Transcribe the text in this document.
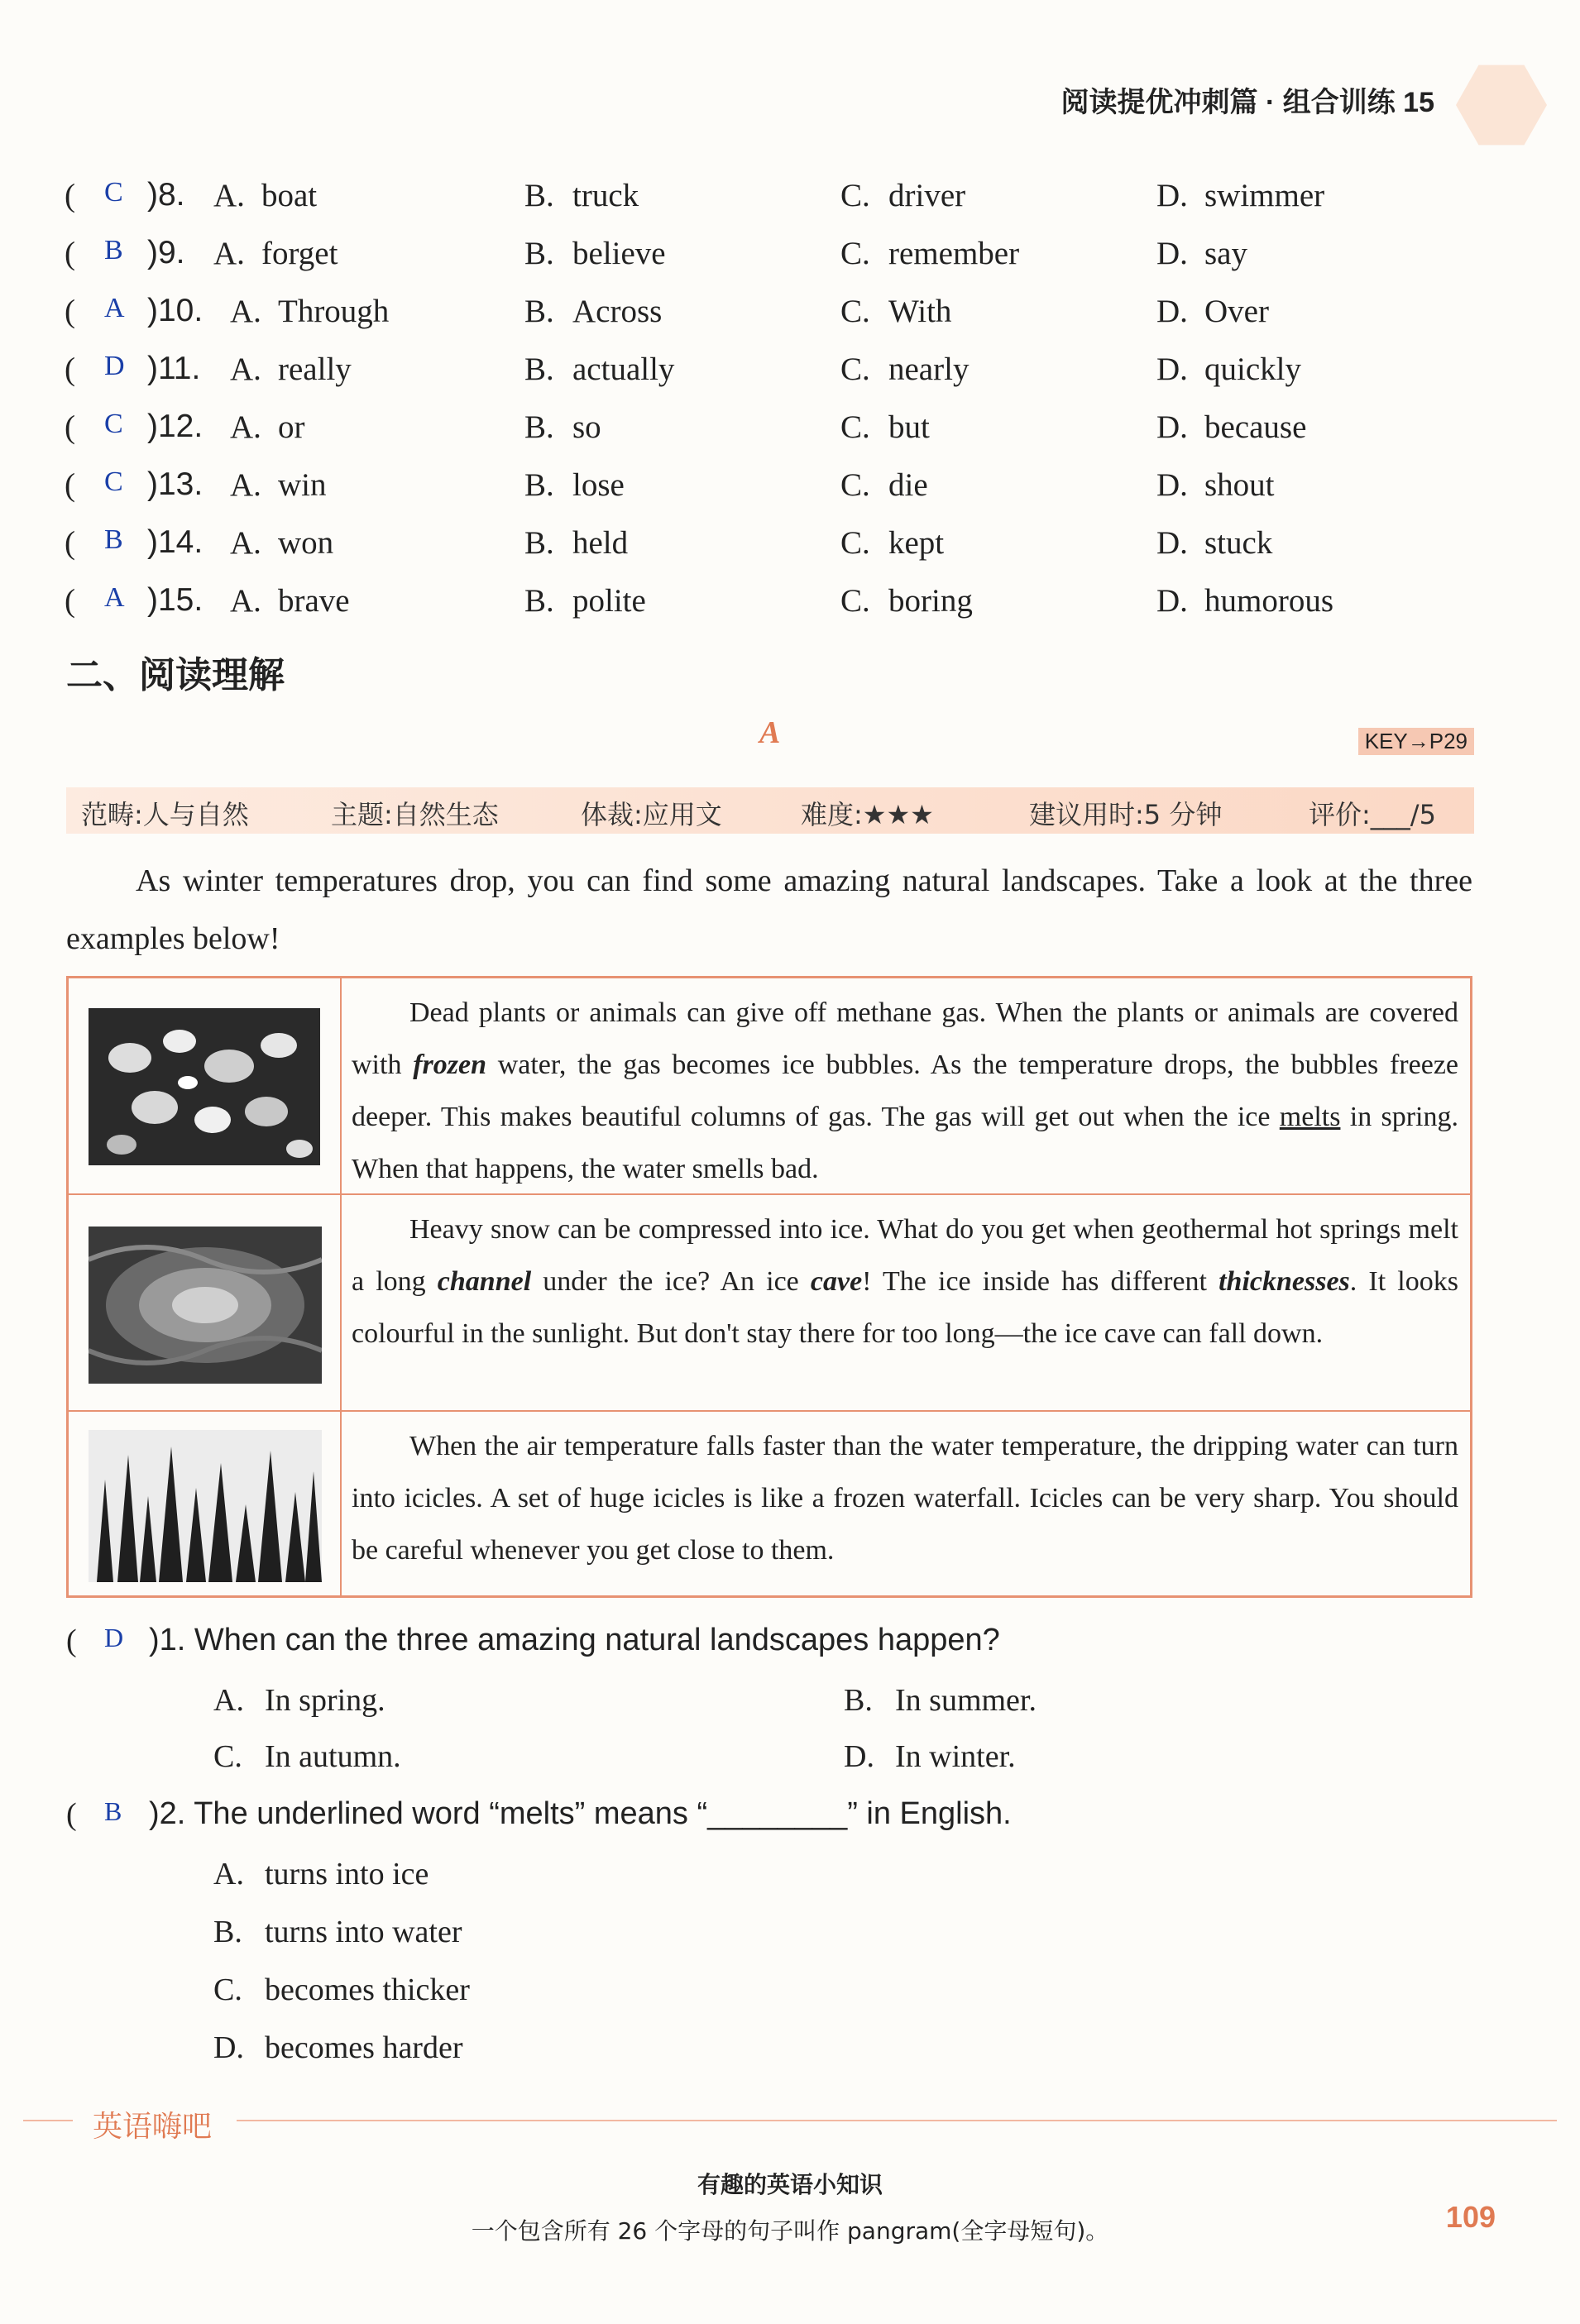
阅读提优冲刺篇 · 组合训练 15
( C )8. A. boat	B. truck	C. driver	D. swimmer
( B )9. A. forget	B. believe	C. remember	D. say
( A )10. A. Through	B. Across	C. With	D. Over
( D )11. A. really	B. actually	C. nearly	D. quickly
( C )12. A. or	B. so	C. but	D. because
( C )13. A. win	B. lose	C. die	D. shout
( B )14. A. won	B. held	C. kept	D. stuck
( A )15. A. brave	B. polite	C. boring	D. humorous
二、阅读理解
A	KEY→P29
范畴:人与自然	主题:自然生态	体裁:应用文	难度:★★★	建议用时:5 分钟	评价:___/5
As winter temperatures drop, you can find some amazing natural landscapes. Take a look at the three examples below!
Dead plants or animals can give off methane gas. When the plants or animals are covered with frozen water, the gas becomes ice bubbles. As the temperature drops, the bubbles freeze deeper. This makes beautiful columns of gas. The gas will get out when the ice melts in spring. When that happens, the water smells bad.
Heavy snow can be compressed into ice. What do you get when geothermal hot springs melt a long channel under the ice? An ice cave! The ice inside has different thicknesses. It looks colourful in the sunlight. But don't stay there for too long—the ice cave can fall down.
When the air temperature falls faster than the water temperature, the dripping water can turn into icicles. A set of huge icicles is like a frozen waterfall. Icicles can be very sharp. You should be careful whenever you get close to them.
( D )1. When can the three amazing natural landscapes happen?
A. In spring.	B. In summer.
C. In autumn.	D. In winter.
( B )2. The underlined word “melts” means “________” in English.
A. turns into ice
B. turns into water
C. becomes thicker
D. becomes harder
英语嗨吧
有趣的英语小知识
一个包含所有 26 个字母的句子叫作 pangram(全字母短句)。	109
